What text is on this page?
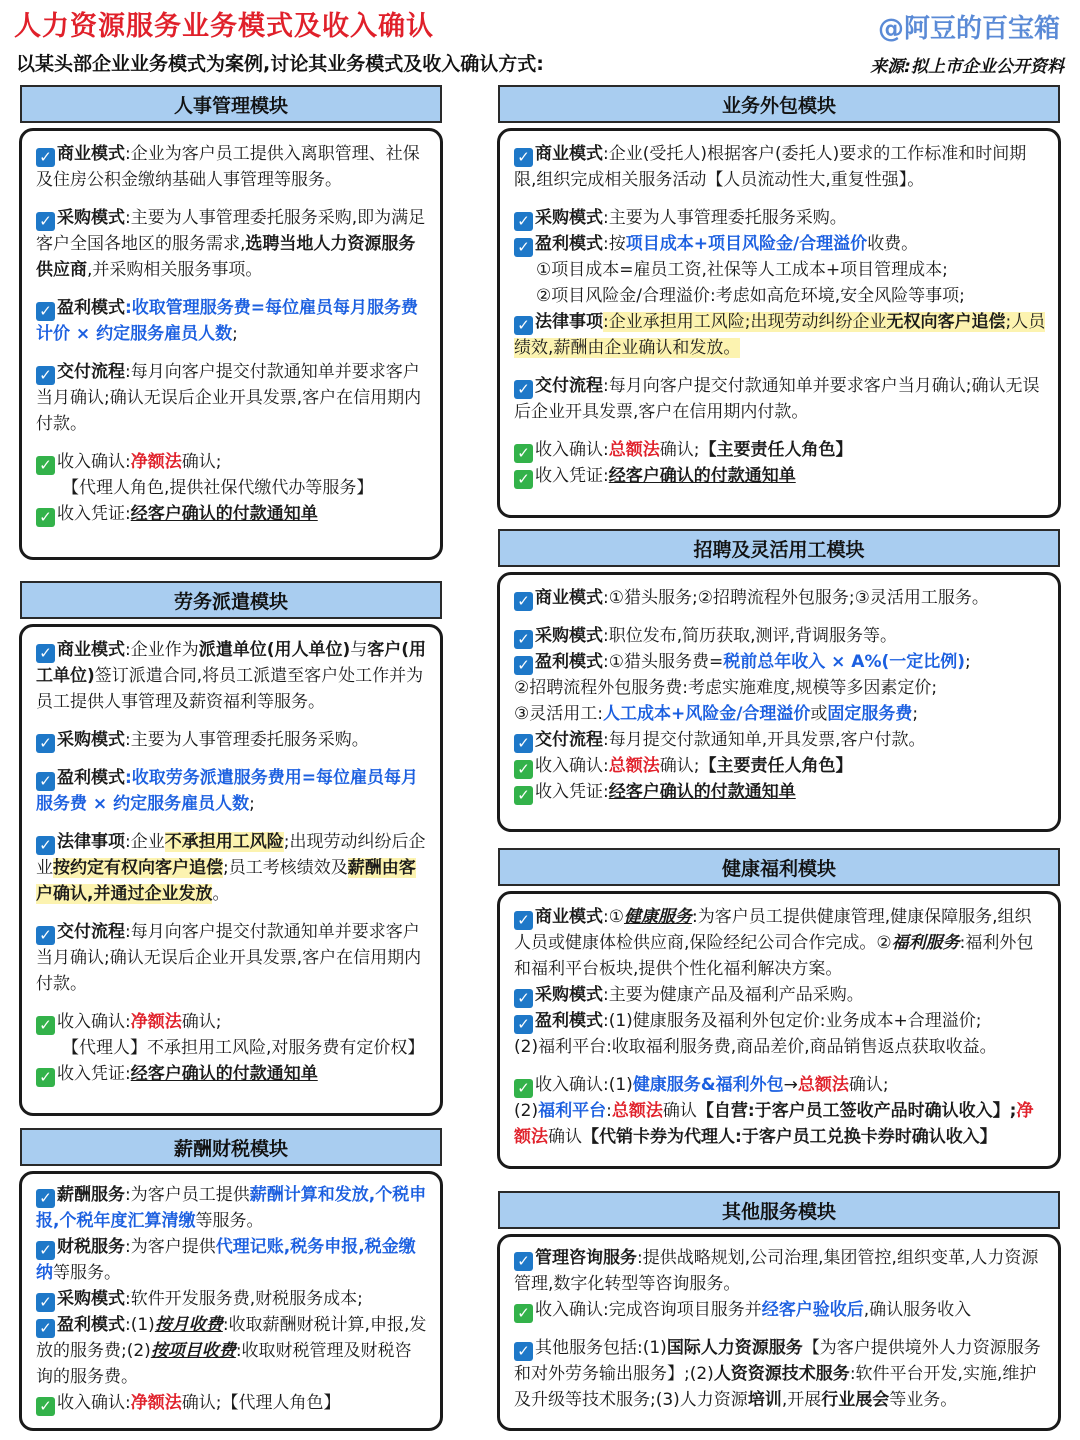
人力资源服务业务模式及收入确认	@阿豆的百宝箱
以某头部企业业务模式为案例,讨论其业务模式及收入确认方式:	来源:拟上市企业公开资料
人事管理模块

✓ 商业模式:企业为客户员工提供入离职管理、社保及住房公积金缴纳基础人事管理等服务。

✓ 采购模式:主要为人事管理委托服务采购,即为满足客户全国各地区的服务需求,选聘当地人力资源服务供应商,并采购相关服务事项。

✓ 盈利模式:收取管理服务费=每位雇员每月服务费计价 × 约定服务雇员人数;

✓ 交付流程:每月向客户提交付款通知单并要求客户当月确认;确认无误后企业开具发票,客户在信用期内付款。

✓ 收入确认:净额法确认;

【代理人角色,提供社保代缴代办等服务】

✓ 收入凭证:经客户确认的付款通知单

劳务派遣模块

✓ 商业模式:企业作为派遣单位(用人单位)与客户(用工单位)签订派遣合同,将员工派遣至客户处工作并为员工提供人事管理及薪资福利等服务。

✓ 采购模式:主要为人事管理委托服务采购。

✓ 盈利模式:收取劳务派遣服务费用=每位雇员每月服务费 × 约定服务雇员人数;

✓ 法律事项:企业不承担用工风险;出现劳动纠纷后企业按约定有权向客户追偿;员工考核绩效及薪酬由客户确认,并通过企业发放。

✓ 交付流程:每月向客户提交付款通知单并要求客户当月确认;确认无误后企业开具发票,客户在信用期内付款。

✓ 收入确认:净额法确认;

【代理人】不承担用工风险,对服务费有定价权】

✓ 收入凭证:经客户确认的付款通知单

薪酬财税模块

✓ 薪酬服务:为客户员工提供薪酬计算和发放,个税申报,个税年度汇算清缴等服务。

✓ 财税服务:为客户提供代理记账,税务申报,税金缴纳等服务。

✓ 采购模式:软件开发服务费,财税服务成本;

✓ 盈利模式:(1)按月收费:收取薪酬财税计算,申报,发放的服务费;(2)按项目收费:收取财税管理及财税咨询的服务费。

✓ 收入确认:净额法确认;【代理人角色】

业务外包模块

✓ 商业模式:企业(受托人)根据客户(委托人)要求的工作标准和时间期限,组织完成相关服务活动【人员流动性大,重复性强】。

✓ 采购模式:主要为人事管理委托服务采购。

✓ 盈利模式:按项目成本+项目风险金/合理溢价收费。

①项目成本=雇员工资,社保等人工成本+项目管理成本;

②项目风险金/合理溢价:考虑如高危环境,安全风险等事项;

✓ 法律事项:企业承担用工风险;出现劳动纠纷企业无权向客户追偿;人员绩效,薪酬由企业确认和发放。

✓ 交付流程:每月向客户提交付款通知单并要求客户当月确认;确认无误后企业开具发票,客户在信用期内付款。

✓ 收入确认:总额法确认;【主要责任人角色】

✓ 收入凭证:经客户确认的付款通知单

招聘及灵活用工模块

✓ 商业模式:①猎头服务;②招聘流程外包服务;③灵活用工服务。

✓ 采购模式:职位发布,简历获取,测评,背调服务等。

✓ 盈利模式:①猎头服务费=税前总年收入 × A%(一定比例);

②招聘流程外包服务费:考虑实施难度,规模等多因素定价;

③灵活用工:人工成本+风险金/合理溢价或固定服务费;

✓ 交付流程:每月提交付款通知单,开具发票,客户付款。

✓ 收入确认:总额法确认;【主要责任人角色】

✓ 收入凭证:经客户确认的付款通知单

健康福利模块

✓ 商业模式:①健康服务:为客户员工提供健康管理,健康保障服务,组织人员或健康体检供应商,保险经纪公司合作完成。②福利服务:福利外包和福利平台板块,提供个性化福利解决方案。

✓ 采购模式:主要为健康产品及福利产品采购。

✓ 盈利模式:(1)健康服务及福利外包定价:业务成本+合理溢价;

(2)福利平台:收取福利服务费,商品差价,商品销售返点获取收益。

✓ 收入确认:(1)健康服务&福利外包→总额法确认;

(2)福利平台:总额法确认【自营:于客户员工签收产品时确认收入】;净额法确认【代销卡券为代理人:于客户员工兑换卡券时确认收入】

其他服务模块

✓ 管理咨询服务:提供战略规划,公司治理,集团管控,组织变革,人力资源管理,数字化转型等咨询服务。

✓ 收入确认:完成咨询项目服务并经客户验收后,确认服务收入

✓ 其他服务包括:(1)国际人力资源服务【为客户提供境外人力资源服务和对外劳务输出服务】;(2)人资资源技术服务:软件平台开发,实施,维护及升级等技术服务;(3)人力资源培训,开展行业展会等业务。
